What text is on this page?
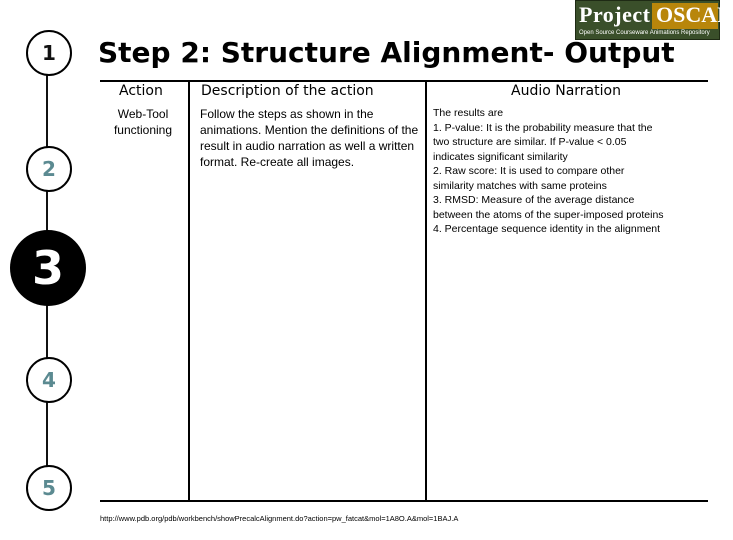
Project OSCAR
Open Source Courseware Animations Repository
1
2
3
4
5
Step 2: Structure Alignment- Output
Action	Description of the action	Audio Narration
Web-Tool functioning
Follow the steps as shown in the animations. Mention the definitions of the result in audio narration as well a written format. Re-create all images.
The results are
1. P-value: It is the probability measure that the two structure are similar. If P-value < 0.05 indicates significant similarity
2. Raw score: It is used to compare other similarity matches with same proteins
3. RMSD: Measure of the average distance between the atoms of the super-imposed proteins
4. Percentage sequence identity in the alignment
http://www.pdb.org/pdb/workbench/showPrecalcAlignment.do?action=pw_fatcat&mol=1A8O.A&mol=1BAJ.A
